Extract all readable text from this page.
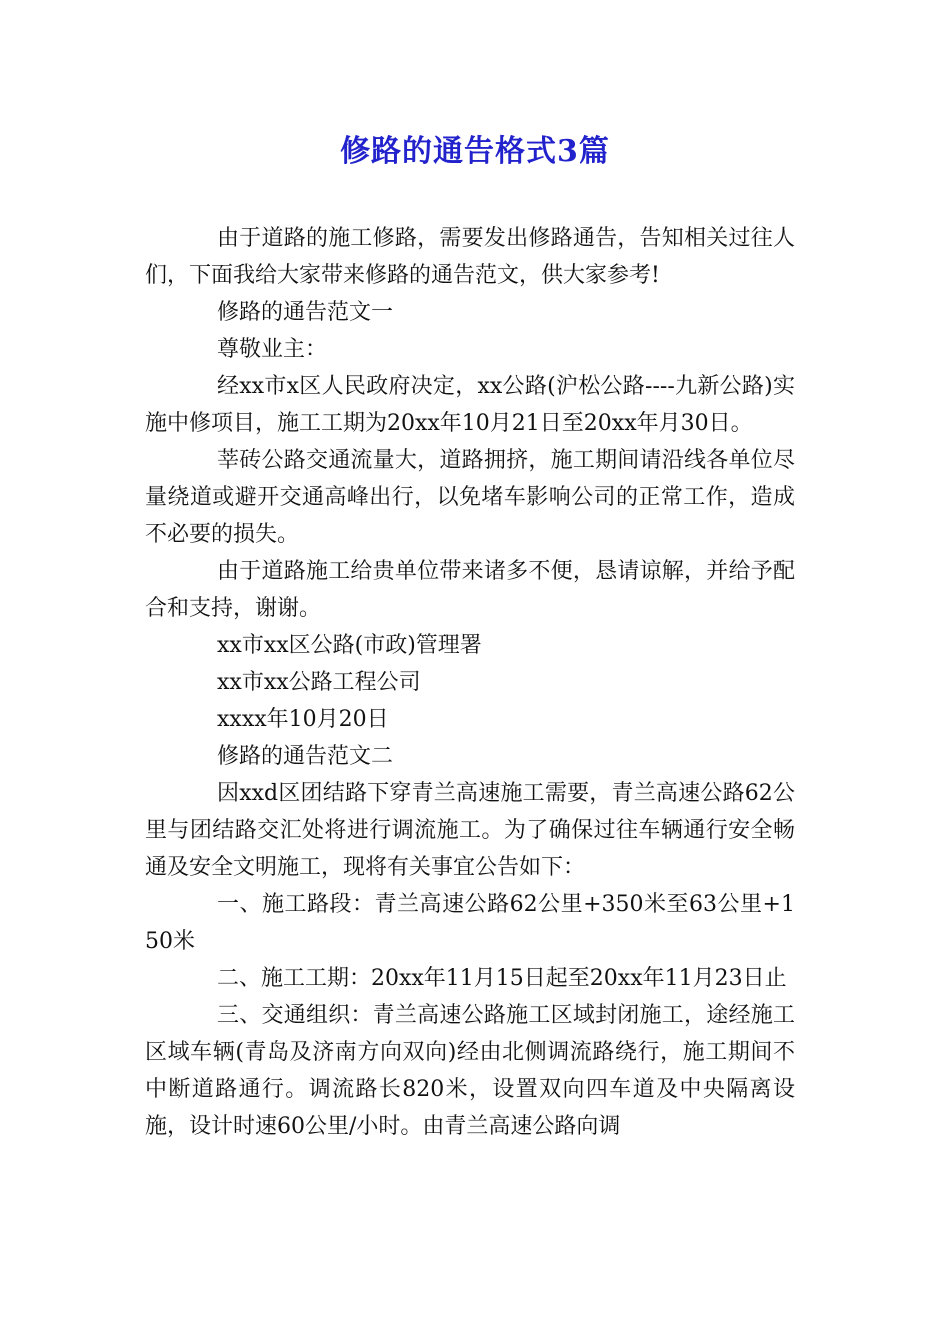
修路的通告格式3篇

由于道路的施工修路，需要发出修路通告，告知相关过往人们，下面我给大家带来修路的通告范文，供大家参考!

修路的通告范文一

尊敬业主：

经xx市x区人民政府决定，xx公路(沪松公路----九新公路)实施中修项目，施工工期为20xx年10月21日至20xx年月30日。

莘砖公路交通流量大，道路拥挤，施工期间请沿线各单位尽量绕道或避开交通高峰出行，以免堵车影响公司的正常工作，造成不必要的损失。

由于道路施工给贵单位带来诸多不便，恳请谅解，并给予配合和支持，谢谢。

xx市xx区公路(市政)管理署

xx市xx公路工程公司

xxxx年10月20日

修路的通告范文二

因xxd区团结路下穿青兰高速施工需要，青兰高速公路62公里与团结路交汇处将进行调流施工。为了确保过往车辆通行安全畅通及安全文明施工，现将有关事宜公告如下：

一、施工路段：青兰高速公路62公里+350米至63公里+150米

二、施工工期：20xx年11月15日起至20xx年11月23日止

三、交通组织：青兰高速公路施工区域封闭施工，途经施工区域车辆(青岛及济南方向双向)经由北侧调流路绕行，施工期间不中断道路通行。调流路长820米，设置双向四车道及中央隔离设施，设计时速60公里/小时。由青兰高速公路向调
